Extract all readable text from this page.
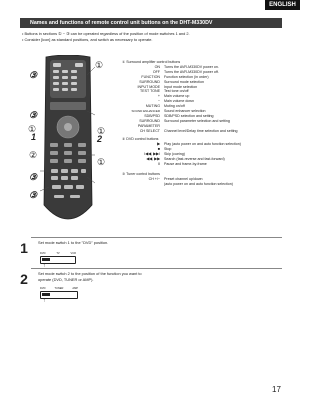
ENGLISH
Names and functions of remote control unit buttons on the DHT-M330DV
• Buttons in sections ① ~ ③ can be operated regardless of the position of mode switches 1 and 2.
• Consider [icon] as standard positions, and switch as necessary to operate.
①
③
③
①
1
①
2
②
①
③
③
① Surround amplifier control buttons
ON	Turns the AVR-M330DV power on.
OFF	Turns the AVR-M330DV power off.
FUNCTION	Function selection (in order)
SURROUND	Surround mode selection
INPUT MODE	Input mode selection
TEST TONE	Test tone on/off
+	Main volume up
−	Main volume down
MUTING	Muting on/off
SOUND ENHANCER	Sound enhancer selection
SDB/PSD	SDB/PSD selection and setting
SURROUND	Surround parameter selection and setting
PARAMETER
CH SELECT	Channel level/Delay time selection and setting
② DVD control buttons
▶	Play (auto power on and auto function selection)
■	Stop
I◀◀, ▶▶I	Skip (cueing)
◀◀, ▶▶	Search (fast-reverse and fast-forward)
II	Pause and frame-by-frame
③ Tuner control buttons
CH +/−	Preset channel up/down
(auto power on and auto function selection)
1	Set mode switch 1 to the "DVD" position.
DVD	TV	VCR
↑
2	Set mode switch 2 to the position of the function you want to
operate (DVD, TUNER or AMP).
DVD	TUNER	AMP
↑
17
